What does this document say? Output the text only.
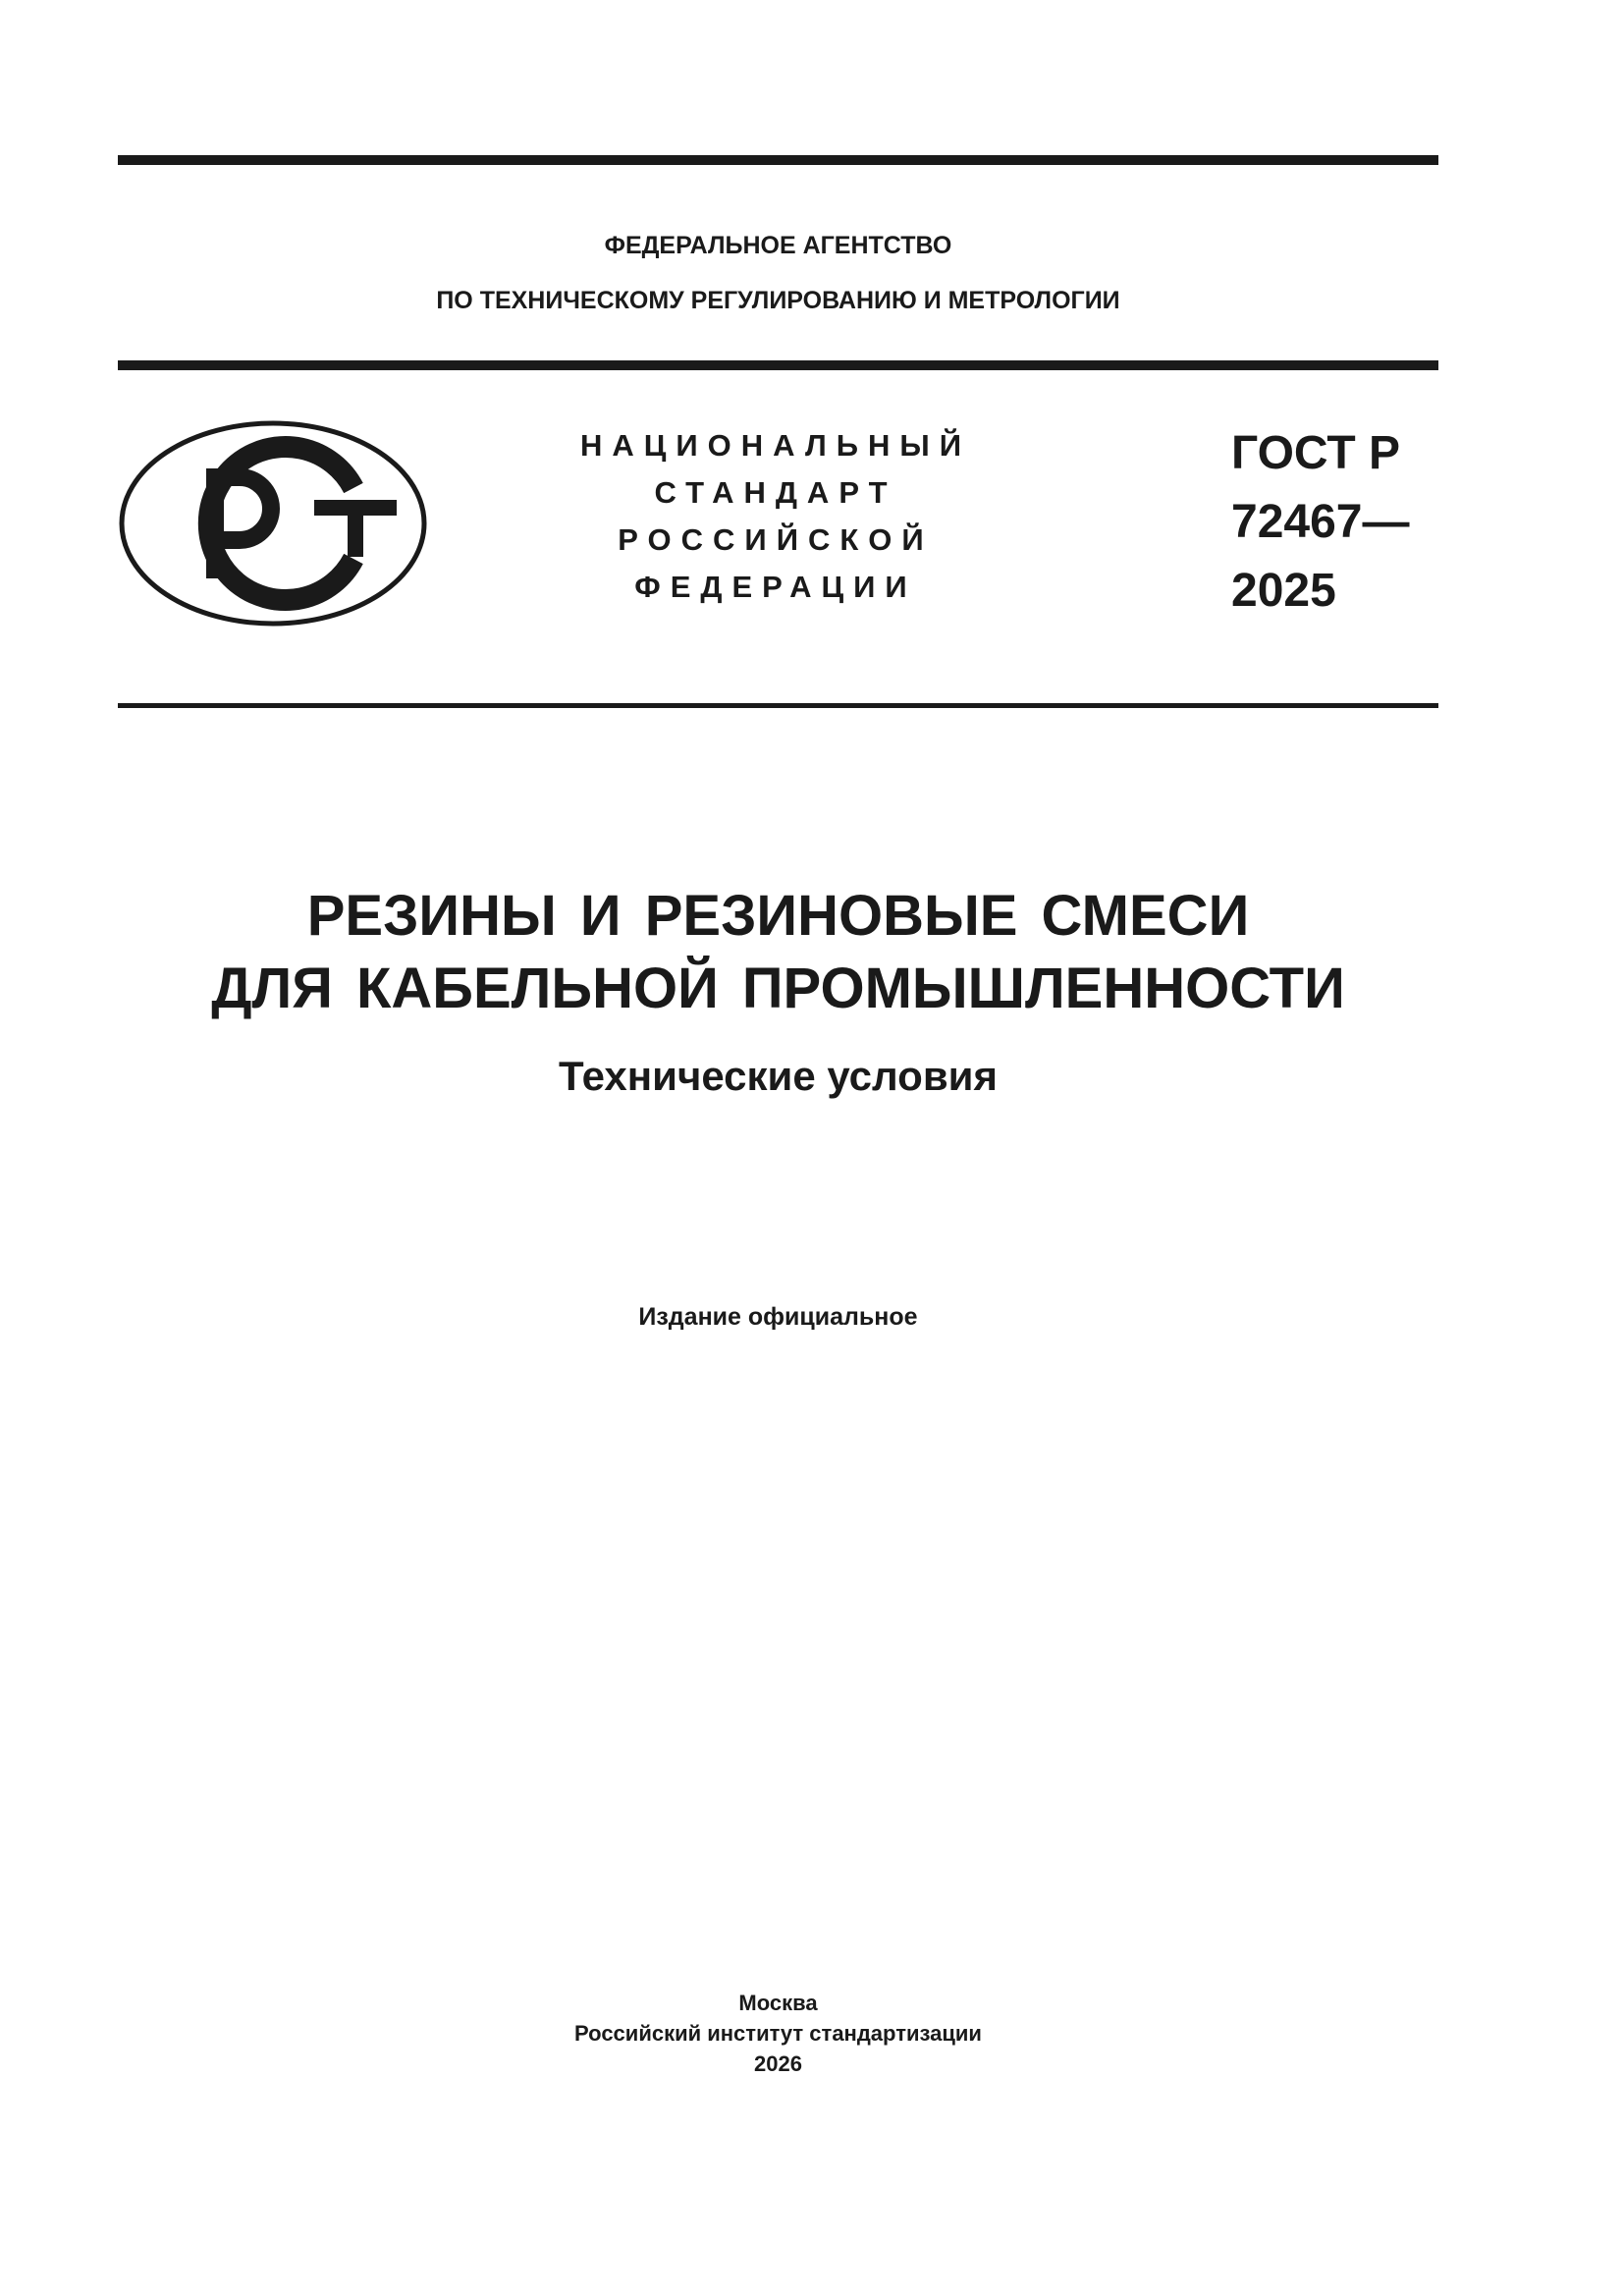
ФЕДЕРАЛЬНОЕ АГЕНТСТВО
ПО ТЕХНИЧЕСКОМУ РЕГУЛИРОВАНИЮ И МЕТРОЛОГИИ
НАЦИОНАЛЬНЫЙ
СТАНДАРТ
РОССИЙСКОЙ
ФЕДЕРАЦИИ
ГОСТ Р
72467—
2025
РЕЗИНЫ И РЕЗИНОВЫЕ СМЕСИ
ДЛЯ КАБЕЛЬНОЙ ПРОМЫШЛЕННОСТИ
Технические условия
Издание официальное
Москва
Российский институт стандартизации
2026
